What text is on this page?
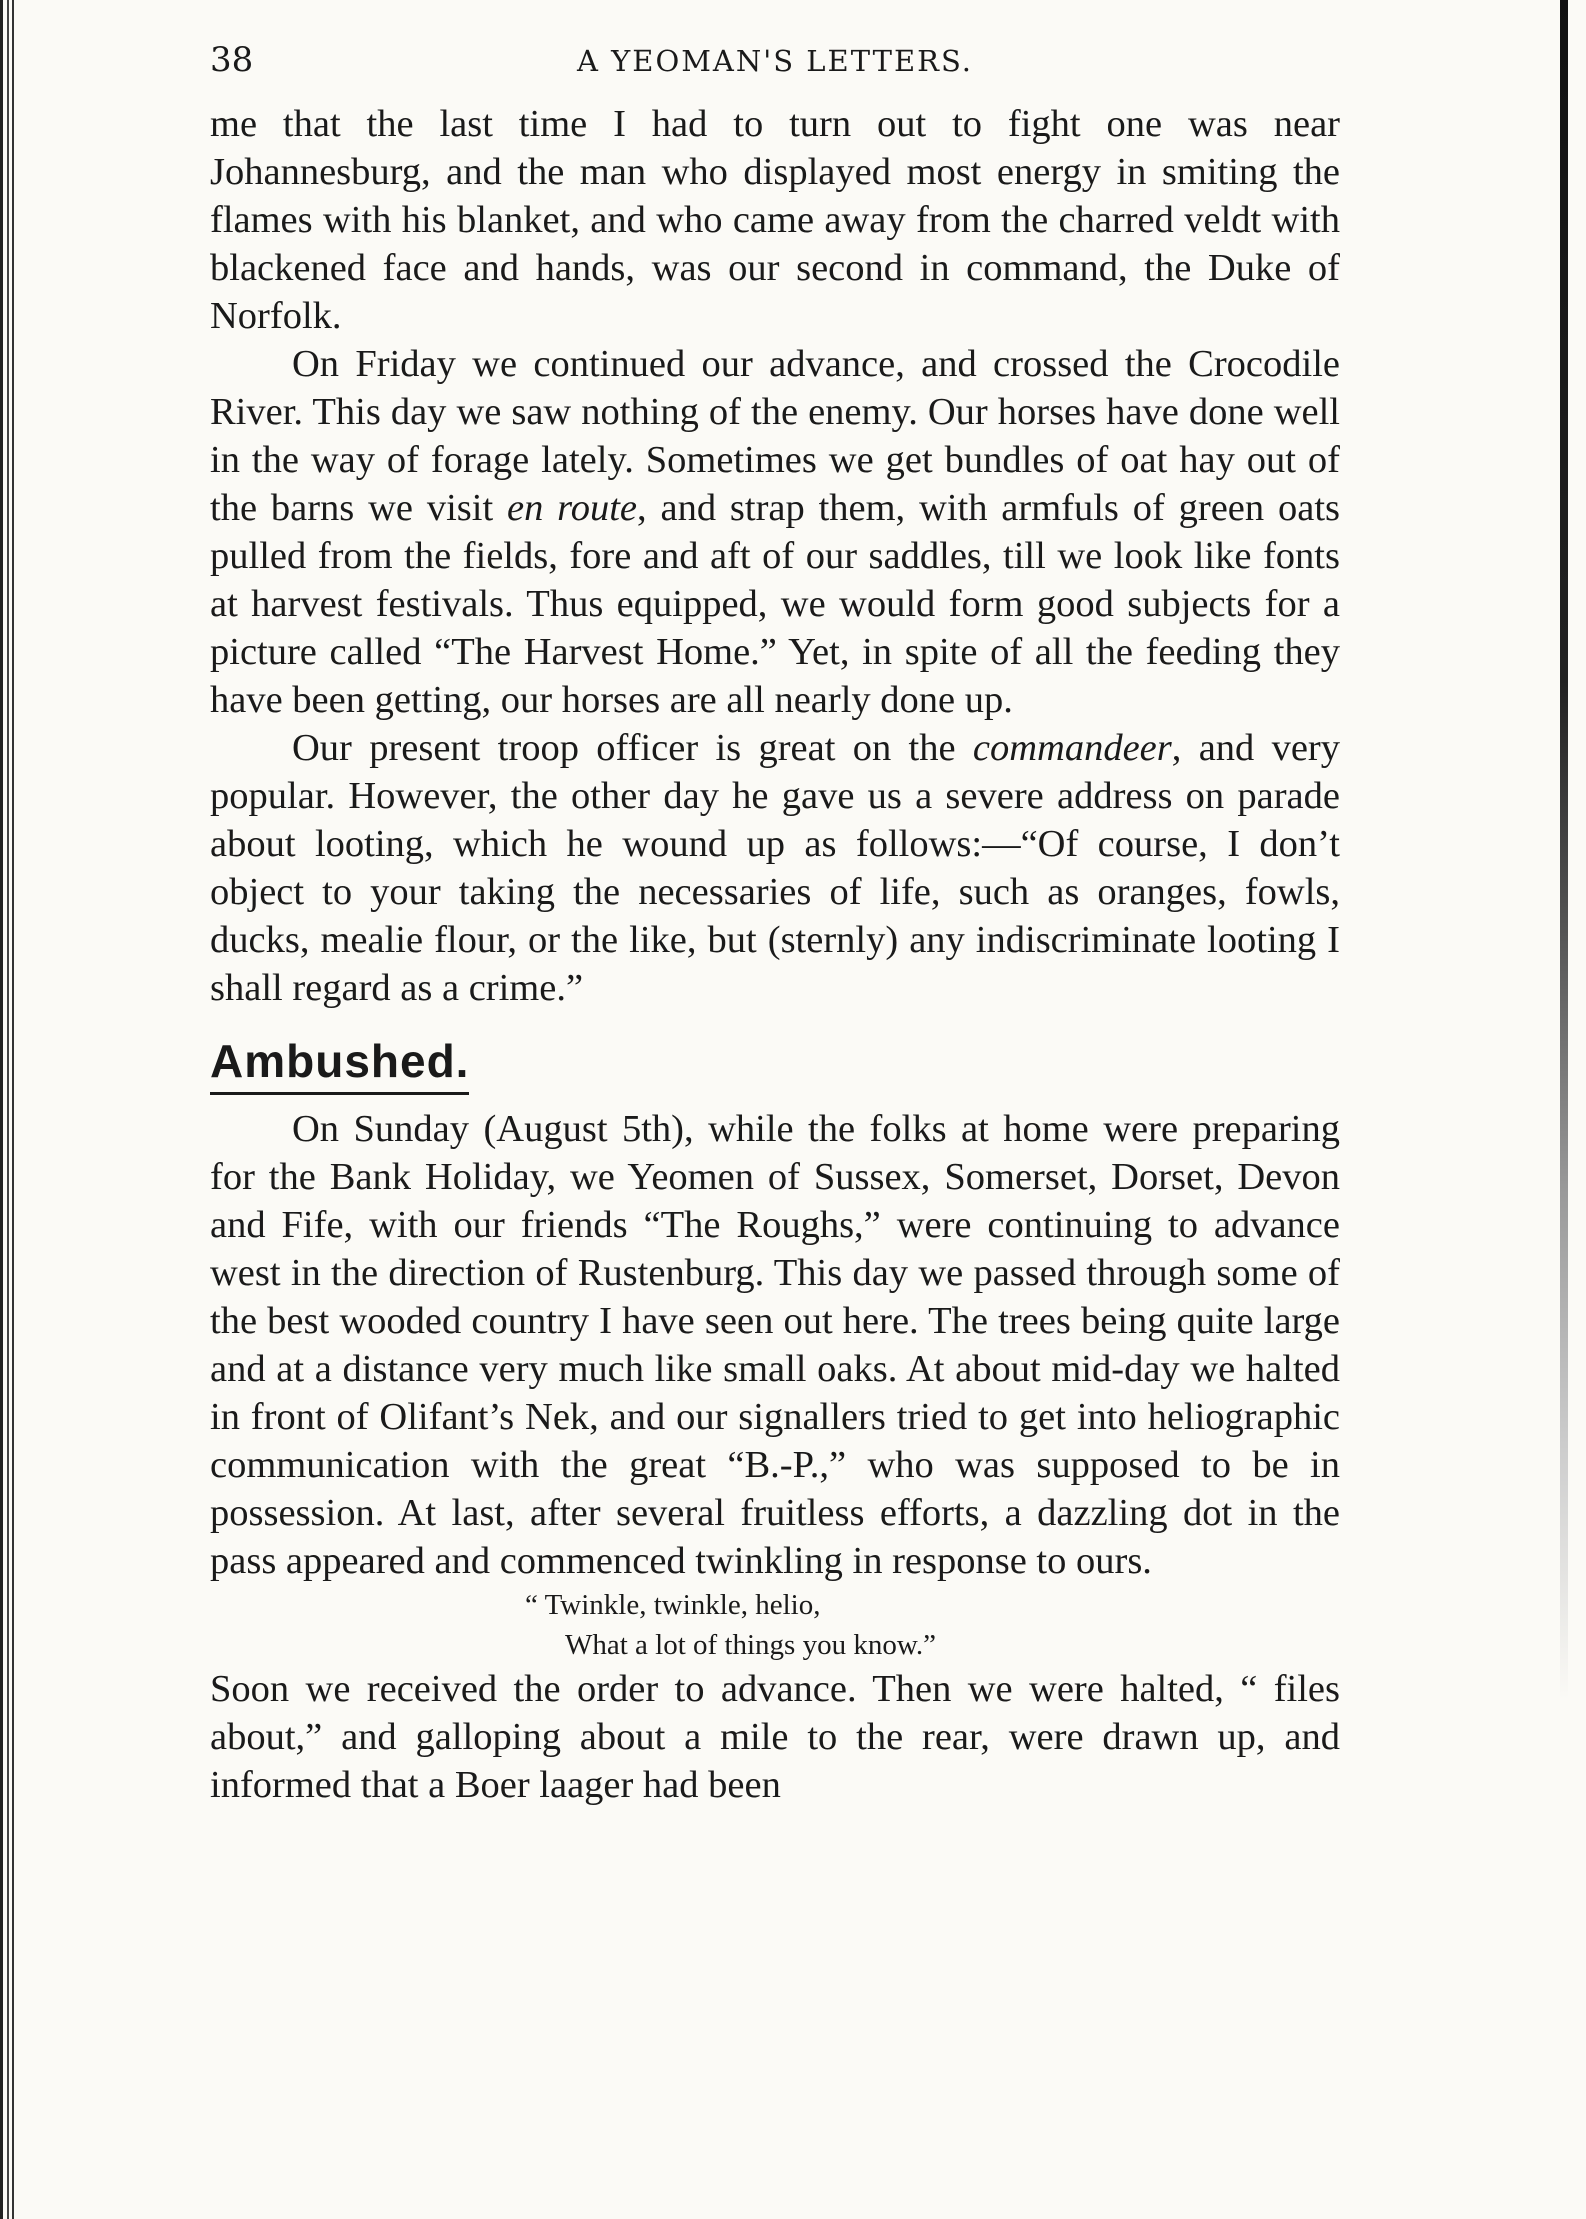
38	A YEOMAN'S LETTERS.

me that the last time I had to turn out to fight one was near Johannesburg, and the man who displayed most energy in smiting the flames with his blanket, and who came away from the charred veldt with blackened face and hands, was our second in command, the Duke of Norfolk.

On Friday we continued our advance, and crossed the Crocodile River. This day we saw nothing of the enemy. Our horses have done well in the way of forage lately. Sometimes we get bundles of oat hay out of the barns we visit en route, and strap them, with armfuls of green oats pulled from the fields, fore and aft of our saddles, till we look like fonts at harvest festivals. Thus equipped, we would form good subjects for a picture called “The Harvest Home.” Yet, in spite of all the feeding they have been getting, our horses are all nearly done up.

Our present troop officer is great on the commandeer, and very popular. However, the other day he gave us a severe address on parade about looting, which he wound up as follows:—“Of course, I don’t object to your taking the necessaries of life, such as oranges, fowls, ducks, mealie flour, or the like, but (sternly) any indiscriminate looting I shall regard as a crime.”

Ambushed.

On Sunday (August 5th), while the folks at home were preparing for the Bank Holiday, we Yeomen of Sussex, Somerset, Dorset, Devon and Fife, with our friends “The Roughs,” were continuing to advance west in the direction of Rustenburg. This day we passed through some of the best wooded country I have seen out here. The trees being quite large and at a distance very much like small oaks. At about mid-day we halted in front of Olifant’s Nek, and our signallers tried to get into heliographic communication with the great “B.-P.,” who was supposed to be in possession. At last, after several fruitless efforts, a dazzling dot in the pass appeared and commenced twinkling in response to ours.

“ Twinkle, twinkle, helio,
What a lot of things you know.”

Soon we received the order to advance. Then we were halted, “ files about,” and galloping about a mile to the rear, were drawn up, and informed that a Boer laager had been
